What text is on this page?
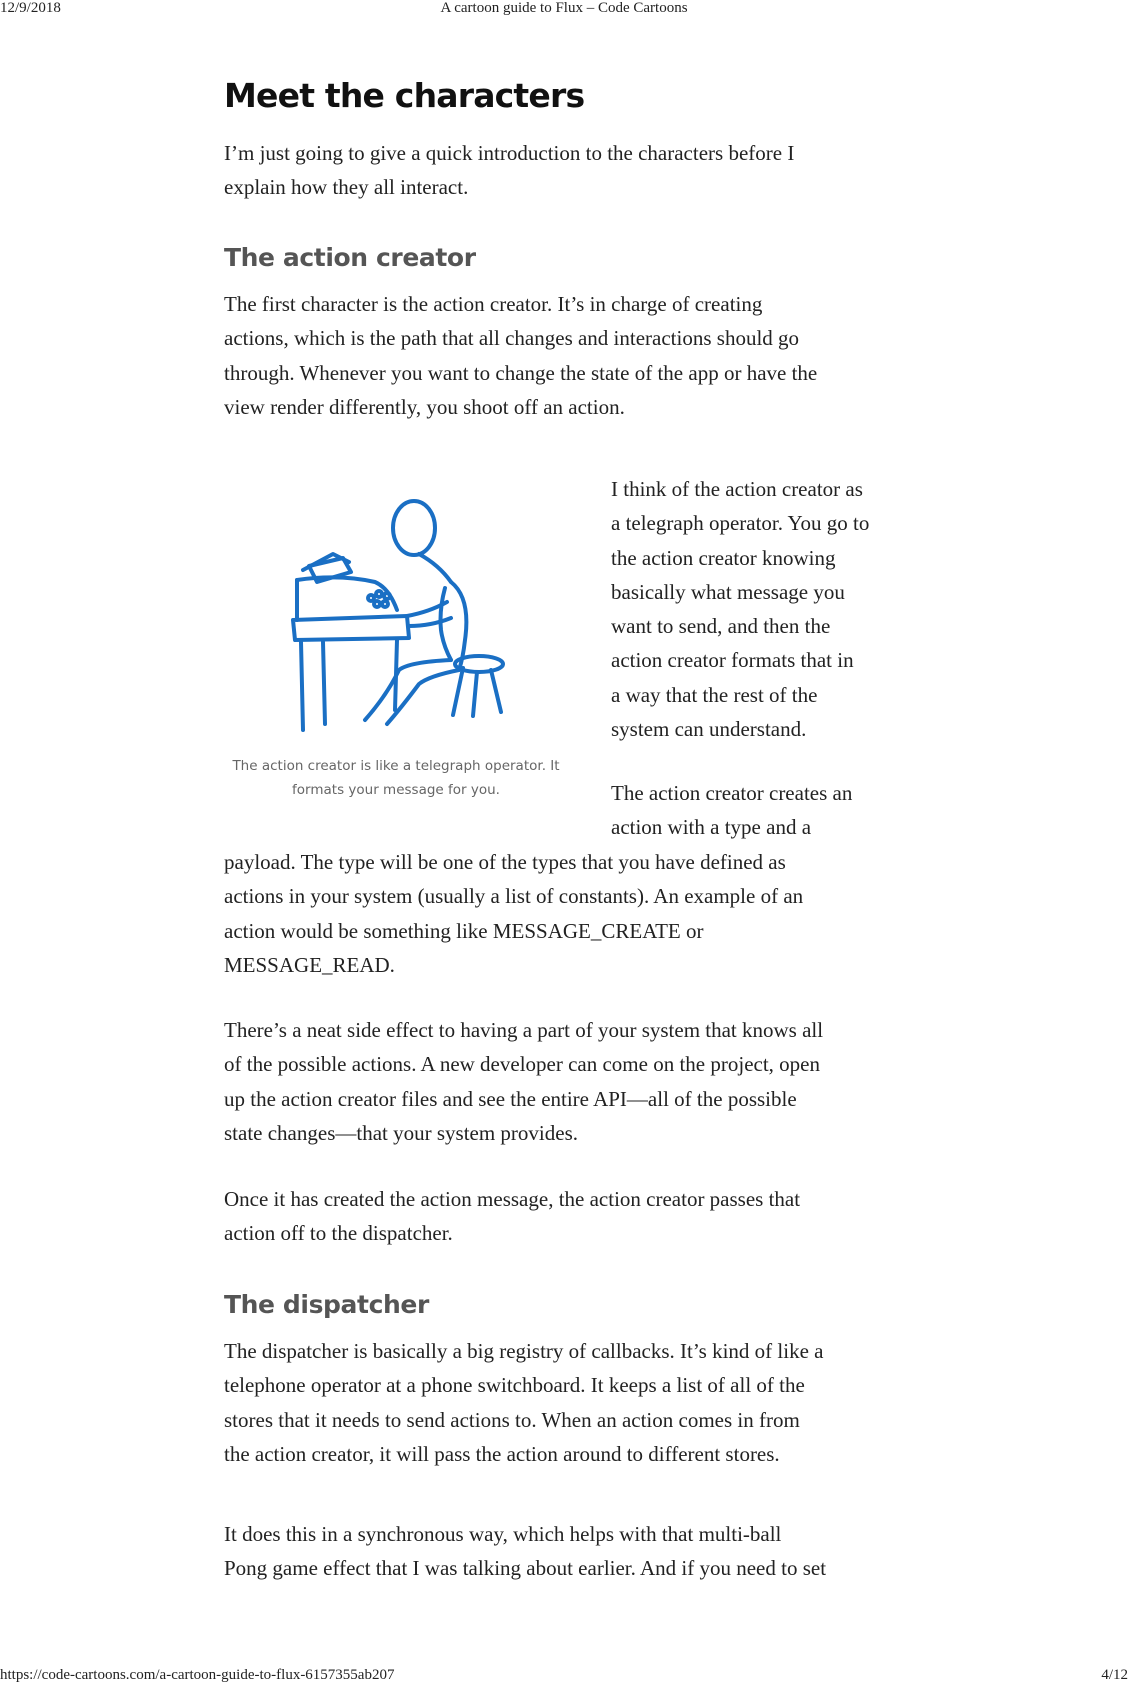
12/9/2018	A cartoon guide to Flux – Code Cartoons
Meet the characters

I’m just going to give a quick introduction to the characters before I
explain how they all interact.

The action creator

The first character is the action creator. It’s in charge of creating
actions, which is the path that all changes and interactions should go
through. Whenever you want to change the state of the app or have the
view render differently, you shoot off an action.

The action creator is like a telegraph operator. It
formats your message for you.

I think of the action creator as
a telegraph operator. You go to
the action creator knowing
basically what message you
want to send, and then the
action creator formats that in
a way that the rest of the
system can understand.

The action creator creates an
action with a type and a

payload. The type will be one of the types that you have defined as
actions in your system (usually a list of constants). An example of an
action would be something like MESSAGE_CREATE or
MESSAGE_READ.

There’s a neat side effect to having a part of your system that knows all
of the possible actions. A new developer can come on the project, open
up the action creator files and see the entire API—all of the possible
state changes—that your system provides.

Once it has created the action message, the action creator passes that
action off to the dispatcher.

The dispatcher

The dispatcher is basically a big registry of callbacks. It’s kind of like a
telephone operator at a phone switchboard. It keeps a list of all of the
stores that it needs to send actions to. When an action comes in from
the action creator, it will pass the action around to different stores.

It does this in a synchronous way, which helps with that multi-ball
Pong game effect that I was talking about earlier. And if you need to set

https://code-cartoons.com/a-cartoon-guide-to-flux-6157355ab207	4/12
